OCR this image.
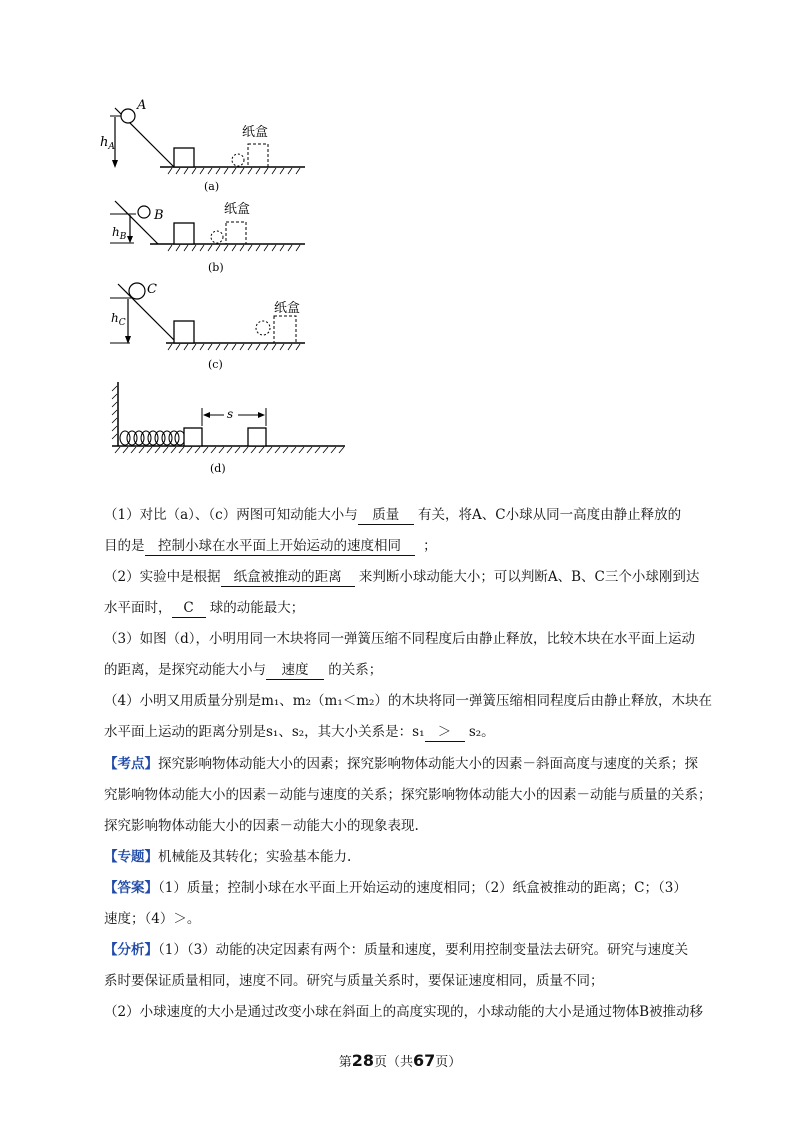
A
$h_A$
纸盒
(a)
B
$h_B$
纸盒
(b)
C
$h_C$
纸盒
(c)
s
(d)
（1）对比（a）、（c）两图可知动能大小与 质量 有关，将A、C小球从同一高度由静止释放的
目的是 控制小球在水平面上开始运动的速度相同 ；
（2）实验中是根据 纸盒被推动的距离 来判断小球动能大小；可以判断A、B、C三个小球刚到达
水平面时， C 球的动能最大；
（3）如图（d），小明用同一木块将同一弹簧压缩不同程度后由静止释放，比较木块在水平面上运动
的距离，是探究动能大小与 速度 的关系；
（4）小明又用质量分别是m₁、m₂（m₁＜m₂）的木块将同一弹簧压缩相同程度后由静止释放，木块在
水平面上运动的距离分别是s₁、s₂，其大小关系是：s₁ ＞ s₂。
【考点】探究影响物体动能大小的因素；探究影响物体动能大小的因素－斜面高度与速度的关系；探
究影响物体动能大小的因素－动能与速度的关系；探究影响物体动能大小的因素－动能与质量的关系；
探究影响物体动能大小的因素－动能大小的现象表现.
【专题】机械能及其转化；实验基本能力.
【答案】（1）质量；控制小球在水平面上开始运动的速度相同；（2）纸盒被推动的距离；C；（3）
速度；（4）＞。
【分析】（1）（3）动能的决定因素有两个：质量和速度，要利用控制变量法去研究。研究与速度关
系时要保证质量相同，速度不同。研究与质量关系时，要保证速度相同，质量不同；
（2）小球速度的大小是通过改变小球在斜面上的高度实现的，小球动能的大小是通过物体B被推动移
第28页（共67页）
